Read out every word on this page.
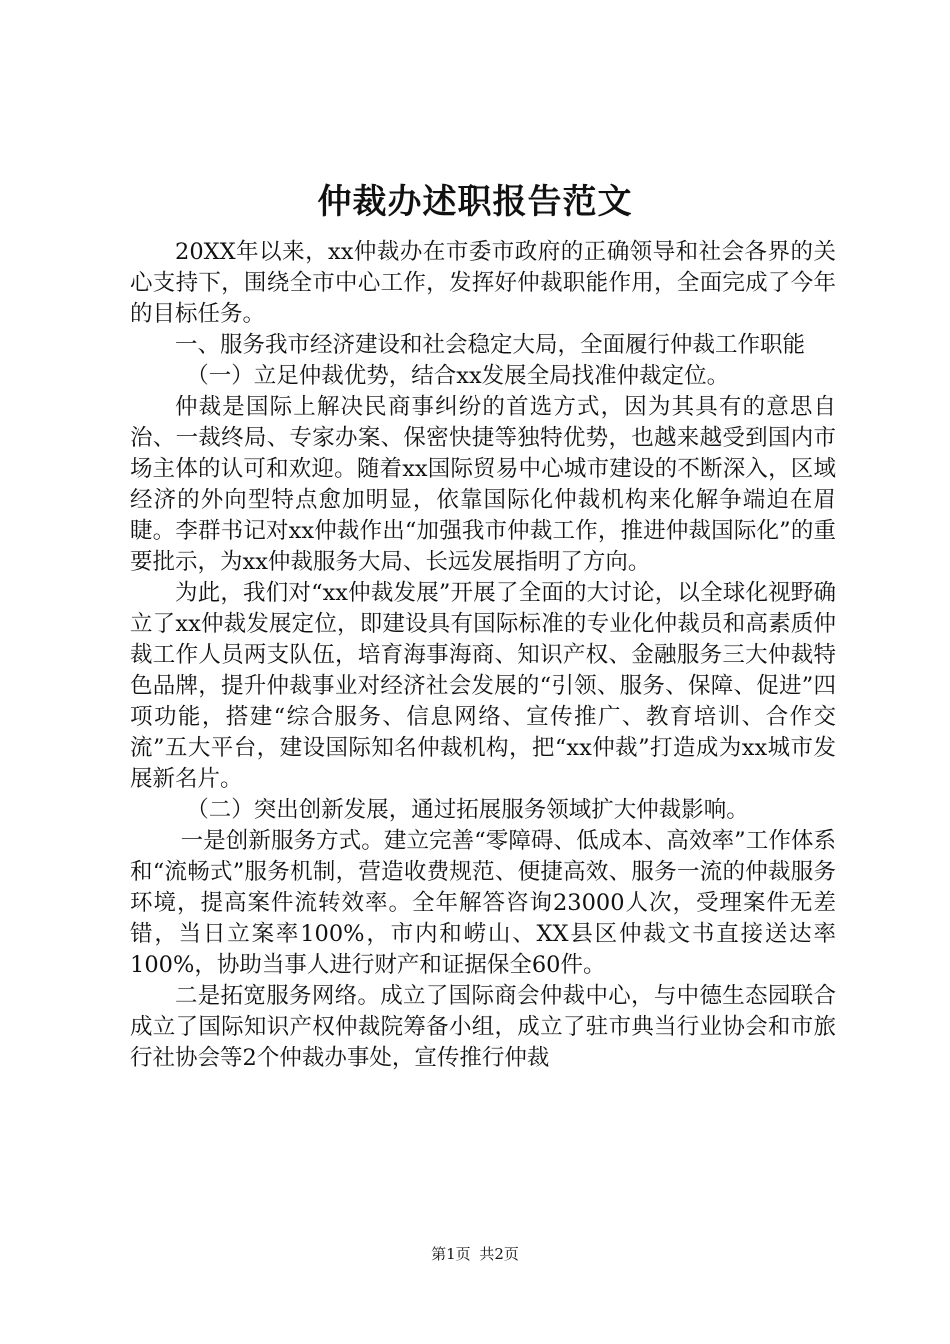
仲裁办述职报告范文

20XX年以来，xx仲裁办在市委市政府的正确领导和社会各界的关心支持下，围绕全市中心工作，发挥好仲裁职能作用，全面完成了今年的目标任务。

一、服务我市经济建设和社会稳定大局，全面履行仲裁工作职能

（一）立足仲裁优势，结合xx发展全局找准仲裁定位。

仲裁是国际上解决民商事纠纷的首选方式，因为其具有的意思自治、一裁终局、专家办案、保密快捷等独特优势，也越来越受到国内市场主体的认可和欢迎。随着xx国际贸易中心城市建设的不断深入，区域经济的外向型特点愈加明显，依靠国际化仲裁机构来化解争端迫在眉睫。李群书记对xx仲裁作出“加强我市仲裁工作，推进仲裁国际化”的重要批示，为xx仲裁服务大局、长远发展指明了方向。

为此，我们对“xx仲裁发展”开展了全面的大讨论，以全球化视野确立了xx仲裁发展定位，即建设具有国际标准的专业化仲裁员和高素质仲裁工作人员两支队伍，培育海事海商、知识产权、金融服务三大仲裁特色品牌，提升仲裁事业对经济社会发展的“引领、服务、保障、促进”四项功能，搭建“综合服务、信息网络、宣传推广、教育培训、合作交流”五大平台，建设国际知名仲裁机构，把“xx仲裁”打造成为xx城市发展新名片。

（二）突出创新发展，通过拓展服务领域扩大仲裁影响。

一是创新服务方式。建立完善“零障碍、低成本、高效率”工作体系和“流畅式”服务机制，营造收费规范、便捷高效、服务一流的仲裁服务环境，提高案件流转效率。全年解答咨询23000人次，受理案件无差错，当日立案率100%，市内和崂山、XX县区仲裁文书直接送达率100%，协助当事人进行财产和证据保全60件。

二是拓宽服务网络。成立了国际商会仲裁中心，与中德生态园联合成立了国际知识产权仲裁院筹备小组，成立了驻市典当行业协会和市旅行社协会等2个仲裁办事处，宣传推行仲裁

第1页 共2页
